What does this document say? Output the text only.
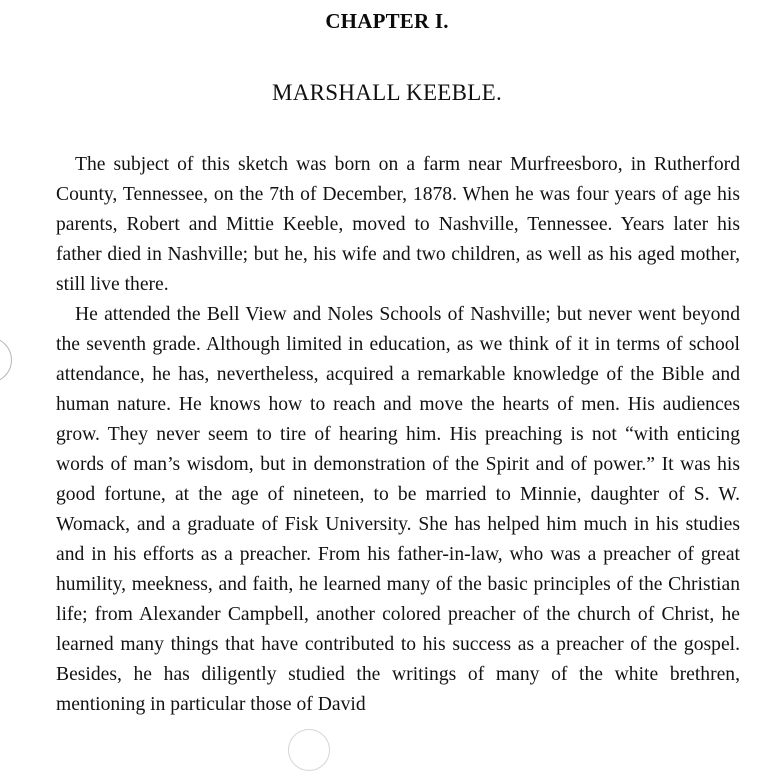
CHAPTER I.
MARSHALL KEEBLE.

The subject of this sketch was born on a farm near Murfreesboro, in Rutherford County, Tennessee, on the 7th of December, 1878. When he was four years of age his parents, Robert and Mittie Keeble, moved to Nashville, Tennessee. Years later his father died in Nashville; but he, his wife and two children, as well as his aged mother, still live there.

He attended the Bell View and Noles Schools of Nashville; but never went beyond the seventh grade. Although limited in education, as we think of it in terms of school attendance, he has, nevertheless, acquired a remarkable knowledge of the Bible and human nature. He knows how to reach and move the hearts of men. His audiences grow. They never seem to tire of hearing him. His preaching is not “with enticing words of man’s wisdom, but in demonstration of the Spirit and of power.” It was his good fortune, at the age of nineteen, to be married to Minnie, daughter of S. W. Womack, and a graduate of Fisk University. She has helped him much in his studies and in his efforts as a preacher. From his father-in-law, who was a preacher of great humility, meekness, and faith, he learned many of the basic principles of the Christian life; from Alexander Campbell, another colored preacher of the church of Christ, he learned many things that have contributed to his success as a preacher of the gospel. Besides, he has diligently studied the writings of many of the white brethren, mentioning in particular those of David
